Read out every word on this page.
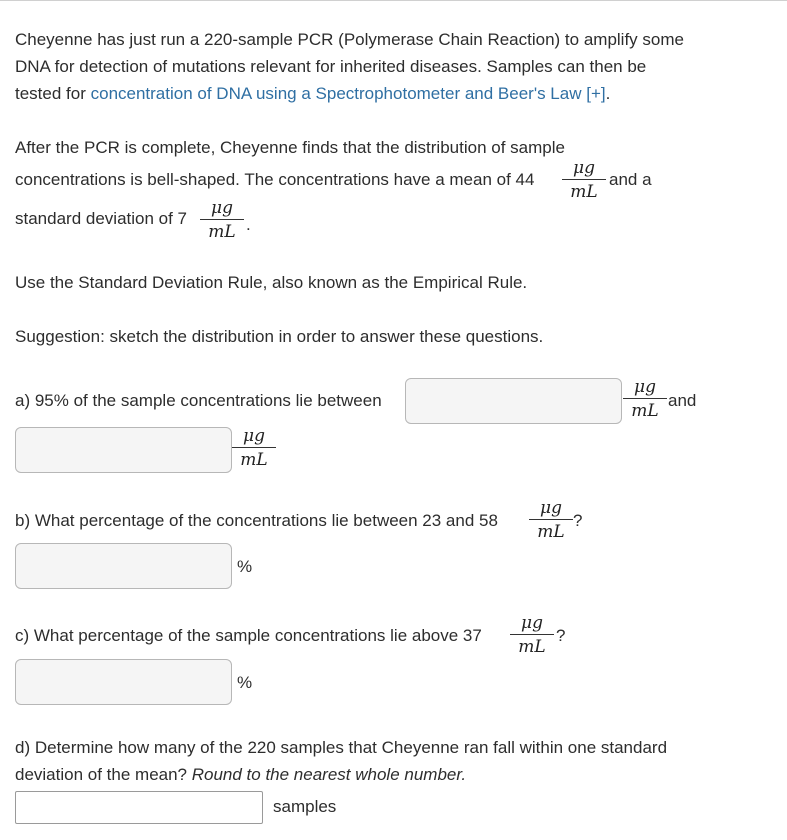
Cheyenne has just run a 220-sample PCR (Polymerase Chain Reaction) to amplify some
DNA for detection of mutations relevant for inherited diseases. Samples can then be
tested for concentration of DNA using a Spectrophotometer and Beer's Law [+].
After the PCR is complete, Cheyenne finds that the distribution of sample
concentrations is bell-shaped. The concentrations have a mean of $44 \frac{\mu g}{mL}$ and a
standard deviation of $7 \frac{\mu g}{mL}$ .
Use the Standard Deviation Rule, also known as the Empirical Rule.
Suggestion: sketch the distribution in order to answer these questions.
a) 95% of the sample concentrations lie between	$\frac{\mu g}{mL}$ and
$\frac{\mu g}{mL}$
b) What percentage of the concentrations lie between 23 and $58 \frac{\mu g}{mL}$ ?
%
c) What percentage of the sample concentrations lie above $37 \frac{\mu g}{mL}$ ?
%
d) Determine how many of the 220 samples that Cheyenne ran fall within one standard
deviation of the mean? Round to the nearest whole number.
samples
